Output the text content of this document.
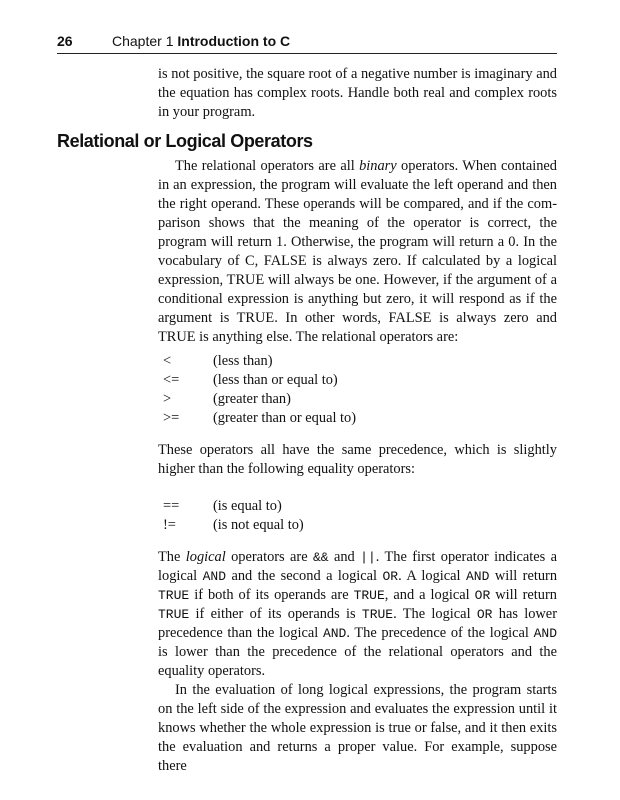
26	Chapter 1 Introduction to C

is not positive, the square root of a negative number is imaginary and the equation has complex roots. Handle both real and complex roots in your program.

Relational or Logical Operators

The relational operators are all binary operators. When contained in an expression, the program will evaluate the left operand and then the right operand. These operands will be compared, and if the comparison shows that the meaning of the operator is correct, the program will return 1. Otherwise, the program will return a 0. In the vocabulary of C, FALSE is always zero. If calculated by a logical expression, TRUE will always be one. However, if the argument of a conditional expression is anything but zero, it will respond as if the argument is TRUE. In other words, FALSE is always zero and TRUE is anything else. The relational operators are:

<	(less than)
<= (less than or equal to)
>	(greater than)
>= (greater than or equal to)

These operators all have the same precedence, which is slightly higher than the following equality operators:

== (is equal to)
!=	(is not equal to)

The logical operators are && and ||. The first operator indicates a logical AND and the second a logical OR. A logical AND will return TRUE if both of its operands are TRUE, and a logical OR will return TRUE if either of its operands is TRUE. The logical OR has lower precedence than the logical AND. The precedence of the logical AND is lower than the precedence of the relational operators and the equality operators.

In the evaluation of long logical expressions, the program starts on the left side of the expression and evaluates the expression until it knows whether the whole expression is true or false, and it then exits the evaluation and returns a proper value. For example, suppose there
